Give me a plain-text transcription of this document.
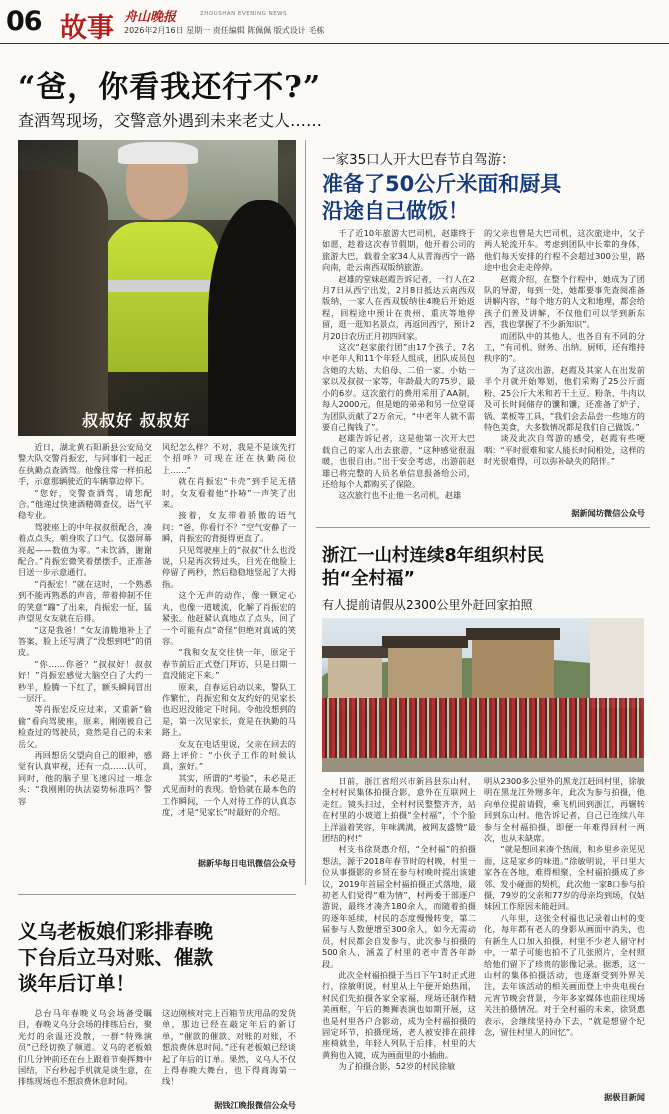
06 故事 舟山晚报	ZHOUSHAN EVENING NEWS
2026年2月16日 星期一 责任编辑 陈佩佩 版式设计 毛栋
“爸，你看我还行不?”
查酒驾现场，交警意外遇到未来老丈人……
叔叔好 叔叔好

近日，湖北黄石阳新县公安局交警大队交警肖振宏，与同事们一起正在执勤点查酒驾。他像往常一样拍起手，示意那辆驶近的车辆靠边停下。

“您好，交警查酒驾，请您配合。”他递过快速酒精筛查仪，语气平稳专业。

驾驶座上的中年叔叔很配合，凑着点点头，朝身吹了口气。仪器屏幕亮起——数值为零。“未饮酒，谢谢配合。”肖振宏微笑着摆摆手，正准备目送一步示意通行。

“肖振宏！”就在这时，一个熟悉到不能再熟悉的声音，带着抑制不住的笑意“蹦”了出来，肖振宏一怔，猛声望见女友就在后排。

“这是我爸！”女友清脆地补上了答案，脸上还写满了“没想到吧”的俏皮。

“你……你爸？”叔叔好！叔叔好！”肖振宏感觉大脑空白了大约一秒半，脸腾一下红了，额头瞬间冒出一层汗。

等肖振宏反应过来，又重新“偷偷”看向驾驶座，原来，刚刚被自己检查过的驾驶员，竟然是自己的未来岳父。

再回想岳父望向自己的眼神，感觉有认真审视，还有一点……认可，同时，他的脑子里飞速闪过一堆念头：“我刚刚的执法姿势标准吗？警容

风纪怎么样？不对，我是不是该先打个招呼？可现在还在执勤岗位上……”

就在肖振宏“卡壳”到手足无措时，女友看着他“扑哧”一声笑了出来。

接着，女友带着骄傲的语气问：“爸，你看行不？”空气安静了一瞬，肖振宏的背挺得更直了。

只见驾驶座上的“叔叔”什么也没说，只是再次转过头，目光在他脸上停留了两秒，然后稳稳地竖起了大拇指。

这个无声的动作，像一颗定心丸，也像一道暖流，化解了肖振宏的紧张。他赶紧认真地点了点头，回了一个可能有点“奇怪”但绝对真诚的笑容。

“我和女友交往快一年，原定于春节前后正式登门拜访，只是日期一直没能定下来。”

原来，自春运启动以来，警队工作繁忙，肖振宏和女友约好的见家长也迟迟没能定下时间。令他没想到的是，第一次见家长，竟是在执勤的马路上。

女友在电话里说，父亲在回去的路上评价：“小伙子工作的时候认真，蛮好。”

其实，所谓的“考验”，未必是正式见面时的表现。恰恰就在最本色的工作瞬间，一个人对待工作的认真态度，才是“见家长”时最好的介绍。

据新华每日电讯微信公众号
一家35口人开大巴春节自驾游：
准备了50公斤米面和厨具
沿途自己做饭！

千了近10年旅游大巴司机，赵雄终于如愿，趁着这次春节假期，他开着公司的旅游大巴，载着全家34人从青海西宁一路向南，赴云南西双版纳旅游。

赵雄的堂妹赵霞告诉记者，一行人在2月7日从西宁出发，2月8日抵达云南西双版纳，一家人在西双版纳住4晚后开始返程，回程途中预计在贵州、重庆等地停留，逛一逛知名景点，再返回西宁，预计2月20日农历正月初四回家。

这次“赵家旅行团”由17个孩子、7名中老年人和11个年轻人组成，团队成员包含她的大姑、大伯母、二伯一家、小姑一家以及叔叔一家等，年龄最大的75岁，最小的6岁。这次旅行的费用采用了AA制，每人2000元，但是她的弟弟和另一位堂哥为团队贡献了2万余元，“中老年人就不需要自己掏钱了”。

赵雄告诉记者，这是他第一次开大巴载自己的家人出去旅游，“这种感觉很温暖，也很自由。”出于安全考虑，出游前赵雄已将完整的人员名单信息报备给公司，还给每个人都购买了保险。

这次旅行也不止他一名司机，赵雄

的父亲也曾是大巴司机，这次旅途中，父子两人轮流开车。考虑到团队中长辈的身体，他们每天安排的行程不会超过300公里，路途中也会走走停停。

赵霞介绍，在整个行程中，她成为了团队的导游，每到一处，她都要事先查阅准备讲解内容，“每个地方的人文和地理，都会给孩子们普及讲解，不仅他们可以学到新东西，我也掌握了不少新知识”。

而团队中的其他人，也各自有不同的分工，“有司机、财务、出纳、厨师，还有维持秩序的”。

为了这次出游，赵霞及其家人在出发前半个月就开始筹划，他们采购了25公斤面粉、25公斤大米和若干土豆、粉条、牛肉以及可长时间储存的馕和馕，还准备了炉子、锅、菜板等工具，“我们会去品尝一些地方的特色美食，大多数情况都是我们自己做饭。”

谈及此次自驾游的感受，赵霞有些哽咽：“平时很难和家人能长时间相处，这样的时光很难得，可以弥补缺失的陪伴。”

据新闻坊微信公众号
浙江一山村连续8年组织村民拍“全村福”
有人提前请假从2300公里外赶回家拍照

日前，浙江省绍兴市新昌县东山村，全村村民集体拍摄合影，意外在互联网上走红。镜头扫过，全村村民整整齐齐，站在村里的小坡道上拍摄“全村福”，个个脸上洋溢着笑容，年味满满，被网友盛赞“最团结的村!”

村支书徐贤惠介绍，“全村福”的拍摄想法，源于2018年春节时的村晚，村里一位从事摄影的乡贤在参与村晚时提出该建议，2019年首届全村福拍摄正式落地，最初老人们觉得“难为情”，村两委干部逐户游说，最终才凑齐180余人，而随着拍摄的逐年延续，村民的态度慢慢转变，第二届参与人数便增至300余人，如今无需动员，村民都会自发参与，此次参与拍摄的500余人，涵盖了村里的老中青各年龄段。

此次全村福拍摄于当日下午1时正式进行，徐敏明说，村里从上午便开始热闹，村民们先拍摄各家全家福，现场还制作精美画框，午后的舞狮表演也如期开展，这也是村里各户合影动，成为全村福拍摄的固定环节，拍摄现场，老人被安排在前排座椅就坐，年轻人列队于后排，村里的大黄狗也入镜，成为画面里的小插曲。

为了拍摄合影，52岁的村民徐敏

明从2300多公里外的黑龙江赶回村里，徐敏明在黑龙江外甥多年，此次为参与拍摄，他向单位提前请假，乘飞机回到浙江，再辗转回到东山村。他告诉记者，自己已连续八年参与全村福拍摄，即便一年难得回村一两次，也从未缺席。

“就是想回来凑个热闹，和乡里乡亲见见面，这是家乡的味道。”徐敏明说，平日里大家各在各地，难得相聚，全村福拍摄成了乡邻、发小碰面的契机，此次他一家8口参与拍摄，79岁的父亲和77岁的母亲均到场，仅姑妹因工作原因未能赶回。

八年里，这张全村福也记录着山村的变化，每年都有老人的身影从画面中消失，也有新生人口加入拍摄，村里不少老人留守村中，一辈子可能也拍不了几张照片，全村照给他们留下了珍贵的影像记录。据悉，这一山村的集体拍摄活动，也逐渐受到外界关注，去年该活动的相关画面登上中央电视台元宵节晚会背景，今年多家媒体也前往现场关注拍摄情况。对于全村福的未来，徐贤惠表示，会继续坚持办下去，“就是想留个纪念，留住村里人的回忆”。

据极目新闻
义乌老板娘们彩排春晚
下台后立马对账、催款
谈年后订单！

总台马年春晚义乌会场备受瞩目，春晚义乌分会场的排练后台，聚光灯的余温还没散，一群“特殊演员”已经切换了频道。义乌的老板娘们几分钟前还在台上跟着节奏挥舞中国结，下台秒起手机就是谈生意，在排练现场也不想浪费休息时间。

这边刚核对完上百箱节庆用品的发货单，那边已经在敲定年后的新订单，“催款的催款、对账的对账，不想浪费休息时间。”还有老板娘已经谈起了年后的订单。果然，义乌人不仅上得春晚大舞台，也下得商海第一线！

据钱江晚报微信公众号
